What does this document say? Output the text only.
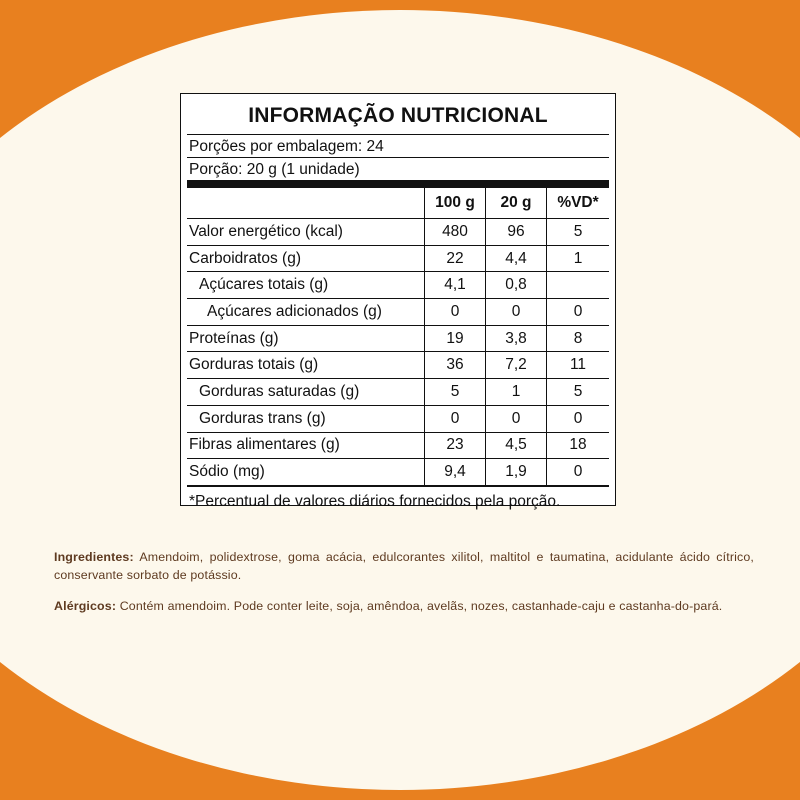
INFORMAÇÃO NUTRICIONAL
Porções por embalagem: 24
Porção: 20 g (1 unidade)
	100 g	20 g	%VD*
Valor energético (kcal)	480	96	5
Carboidratos (g)	22	4,4	1
Açúcares totais (g)	4,1	0,8	
Açúcares adicionados (g)	0	0	0
Proteínas (g)	19	3,8	8
Gorduras totais (g)	36	7,2	11
Gorduras saturadas (g)	5	1	5
Gorduras trans (g)	0	0	0
Fibras alimentares (g)	23	4,5	18
Sódio (mg)	9,4	1,9	0
*Percentual de valores diários fornecidos pela porção.
Ingredientes: Amendoim, polidextrose, goma acácia, edulcorantes xilitol, maltitol e taumatina, acidulante ácido cítrico, conservante sorbato de potássio.
Alérgicos: Contém amendoim. Pode conter leite, soja, amêndoa, avelãs, nozes, castanhade-caju e castanha-do-pará.
